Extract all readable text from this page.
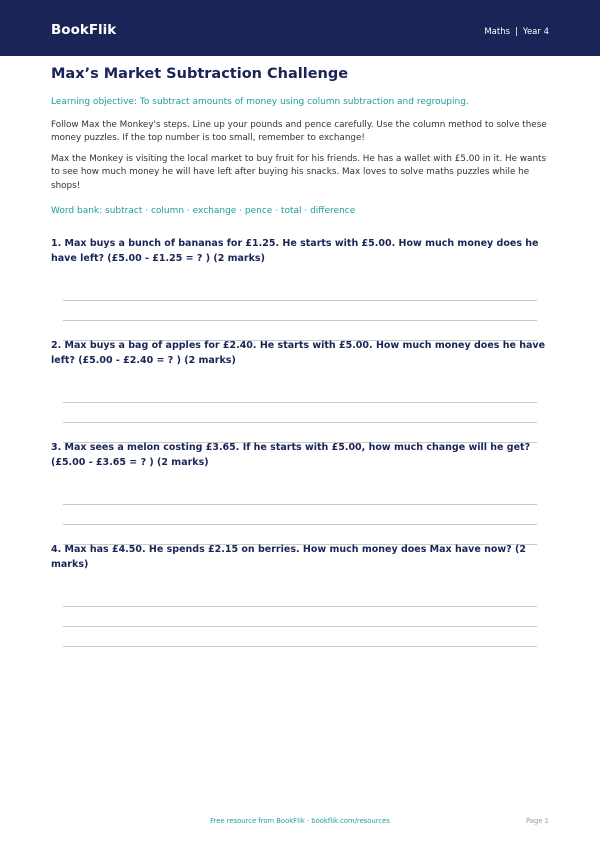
BookFlik	Maths | Year 4
Max’s Market Subtraction Challenge
Learning objective: To subtract amounts of money using column subtraction and regrouping.
Follow Max the Monkey's steps. Line up your pounds and pence carefully. Use the column method to solve these money puzzles. If the top number is too small, remember to exchange!
Max the Monkey is visiting the local market to buy fruit for his friends. He has a wallet with £5.00 in it. He wants to see how much money he will have left after buying his snacks. Max loves to solve maths puzzles while he shops!
Word bank: subtract · column · exchange · pence · total · difference
1. Max buys a bunch of bananas for £1.25. He starts with £5.00. How much money does he have left? (£5.00 - £1.25 = ? ) (2 marks)
2. Max buys a bag of apples for £2.40. He starts with £5.00. How much money does he have left? (£5.00 - £2.40 = ? ) (2 marks)
3. Max sees a melon costing £3.65. If he starts with £5.00, how much change will he get? (£5.00 - £3.65 = ? ) (2 marks)
4. Max has £4.50. He spends £2.15 on berries. How much money does Max have now? (2 marks)
Free resource from BookFlik · bookflik.com/resources	Page 1
